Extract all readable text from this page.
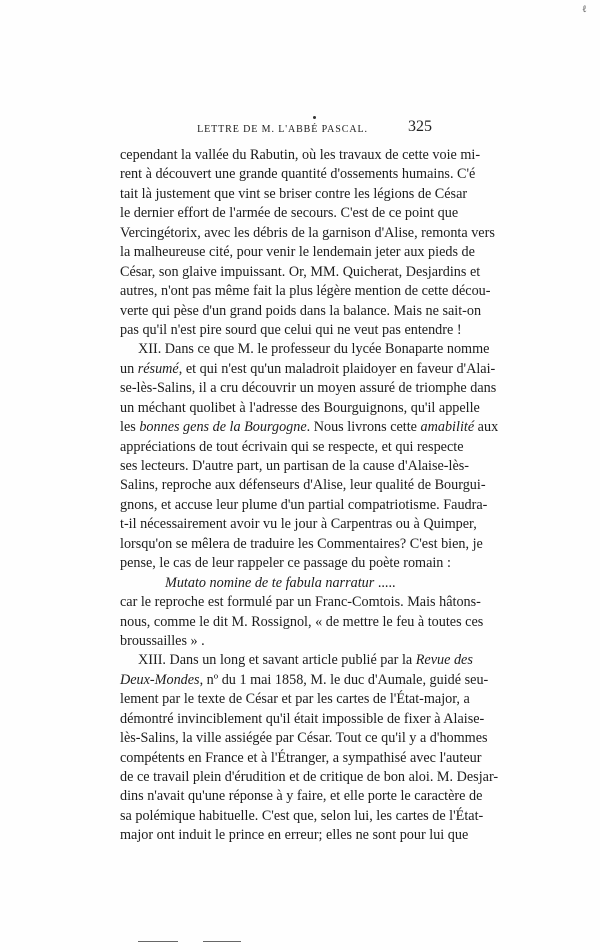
ℓ
LETTRE DE M. L'ABBÉ PASCAL.	325
cependant la vallée du Rabutin, où les travaux de cette voie mi-
rent à découvert une grande quantité d'ossements humains. C'é
tait là justement que vint se briser contre les légions de César
le dernier effort de l'armée de secours. C'est de ce point que
Vercingétorix, avec les débris de la garnison d'Alise, remonta vers
la malheureuse cité, pour venir le lendemain jeter aux pieds de
César, son glaive impuissant. Or, MM. Quicherat, Desjardins et
autres, n'ont pas même fait la plus légère mention de cette décou-
verte qui pèse d'un grand poids dans la balance. Mais ne sait-on
pas qu'il n'est pire sourd que celui qui ne veut pas entendre !
XII. Dans ce que M. le professeur du lycée Bonaparte nomme
un résumé, et qui n'est qu'un maladroit plaidoyer en faveur d'Alai-
se-lès-Salins, il a cru découvrir un moyen assuré de triomphe dans
un méchant quolibet à l'adresse des Bourguignons, qu'il appelle
les bonnes gens de la Bourgogne. Nous livrons cette amabilité aux
appréciations de tout écrivain qui se respecte, et qui respecte
ses lecteurs. D'autre part, un partisan de la cause d'Alaise-lès-
Salins, reproche aux défenseurs d'Alise, leur qualité de Bourgui-
gnons, et accuse leur plume d'un partial compatriotisme. Faudra-
t-il nécessairement avoir vu le jour à Carpentras ou à Quimper,
lorsqu'on se mêlera de traduire les Commentaires? C'est bien, je
pense, le cas de leur rappeler ce passage du poète romain :
Mutato nomine de te fabula narratur .....
car le reproche est formulé par un Franc-Comtois. Mais hâtons-
nous, comme le dit M. Rossignol, « de mettre le feu à toutes ces
broussailles » .
XIII. Dans un long et savant article publié par la Revue des
Deux-Mondes, nº du 1 mai 1858, M. le duc d'Aumale, guidé seu-
lement par le texte de César et par les cartes de l'État-major, a
démontré invinciblement qu'il était impossible de fixer à Alaise-
lès-Salins, la ville assiégée par César. Tout ce qu'il y a d'hommes
compétents en France et à l'Étranger, a sympathisé avec l'auteur
de ce travail plein d'érudition et de critique de bon aloi. M. Desjar-
dins n'avait qu'une réponse à y faire, et elle porte le caractère de
sa polémique habituelle. C'est que, selon lui, les cartes de l'État-
major ont induit le prince en erreur; elles ne sont pour lui que
